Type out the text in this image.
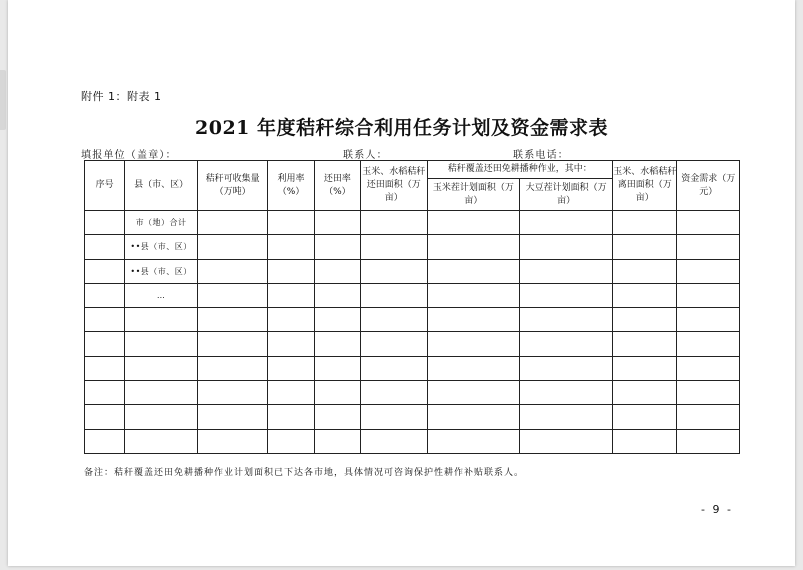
附件 1：附表 1
2021 年度秸秆综合利用任务计划及资金需求表
填报单位（盖章）：	联系人：	联系电话：
序号	县（市、区）	秸秆可收集量（万吨）	利用率（%）	还田率（%）	玉米、水稻秸秆还田面积（万亩）	秸秆覆盖还田免耕播种作业，其中：		玉米、水稻秸秆离田面积（万亩）	资金需求（万元）
						玉米茬计划面积（万亩）	大豆茬计划面积（万亩）		
	市（地）合计								
	••县（市、区）								
	••县（市、区）								
	…								

备注：秸秆覆盖还田免耕播种作业计划面积已下达各市地，具体情况可咨询保护性耕作补贴联系人。
- 9 -
